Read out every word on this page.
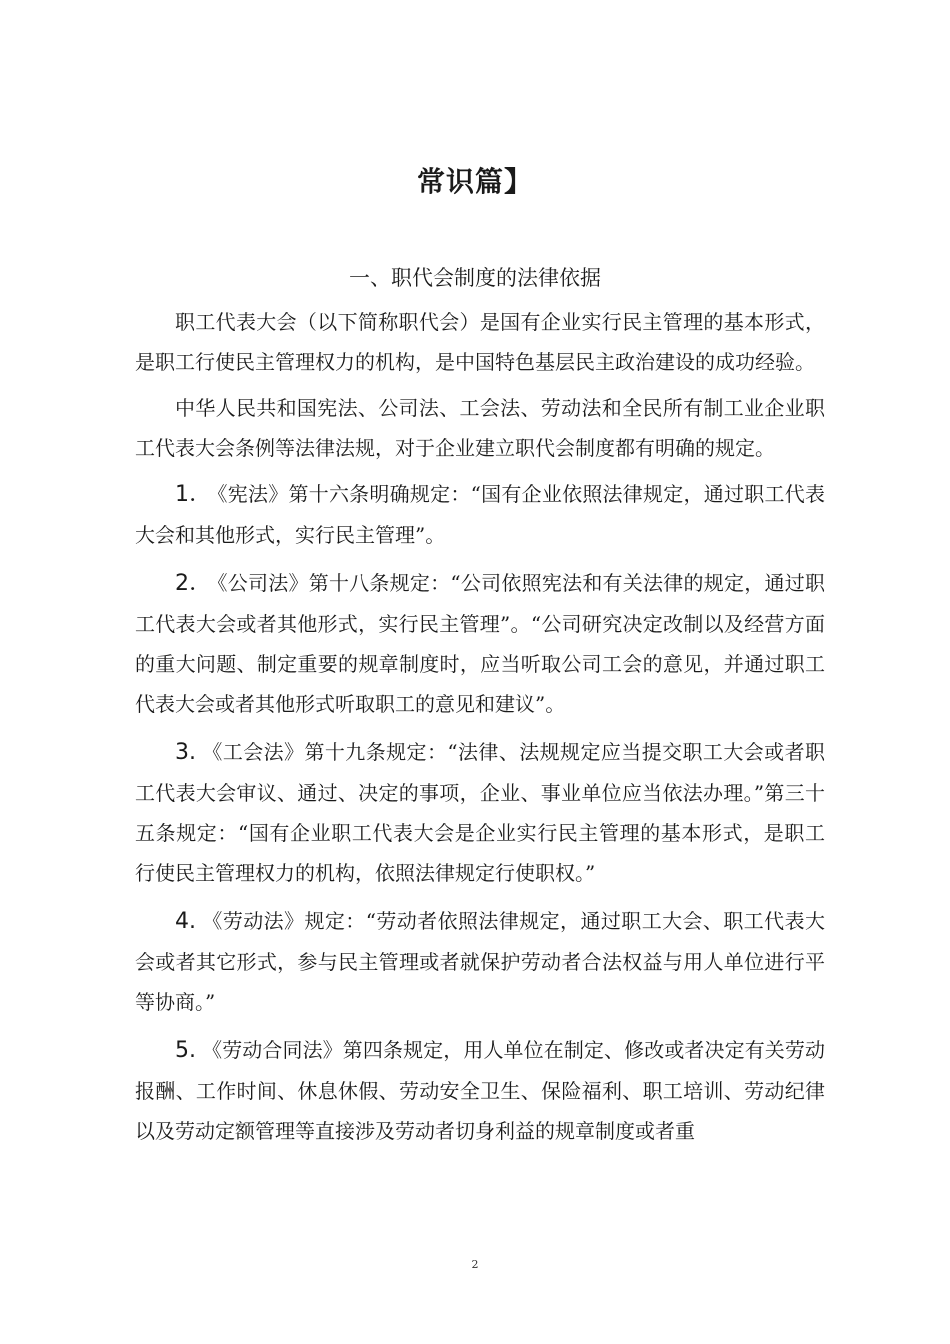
常识篇】
一、职代会制度的法律依据

职工代表大会（以下简称职代会）是国有企业实行民主管理的基本形式，是职工行使民主管理权力的机构，是中国特色基层民主政治建设的成功经验。

中华人民共和国宪法、公司法、工会法、劳动法和全民所有制工业企业职工代表大会条例等法律法规，对于企业建立职代会制度都有明确的规定。

1． 《宪法》第十六条明确规定：“国有企业依照法律规定，通过职工代表大会和其他形式，实行民主管理”。

2． 《公司法》第十八条规定：“公司依照宪法和有关法律的规定，通过职工代表大会或者其他形式，实行民主管理”。“公司研究决定改制以及经营方面的重大问题、制定重要的规章制度时，应当听取公司工会的意见，并通过职工代表大会或者其他形式听取职工的意见和建议”。

3. 《工会法》第十九条规定：“法律、法规规定应当提交职工大会或者职工代表大会审议、通过、决定的事项，企业、事业单位应当依法办理。”第三十五条规定：“国有企业职工代表大会是企业实行民主管理的基本形式，是职工行使民主管理权力的机构，依照法律规定行使职权。”

4. 《劳动法》规定：“劳动者依照法律规定，通过职工大会、职工代表大会或者其它形式，参与民主管理或者就保护劳动者合法权益与用人单位进行平等协商。”

5. 《劳动合同法》第四条规定，用人单位在制定、修改或者决定有关劳动报酬、工作时间、休息休假、劳动安全卫生、保险福利、职工培训、劳动纪律以及劳动定额管理等直接涉及劳动者切身利益的规章制度或者重

2
